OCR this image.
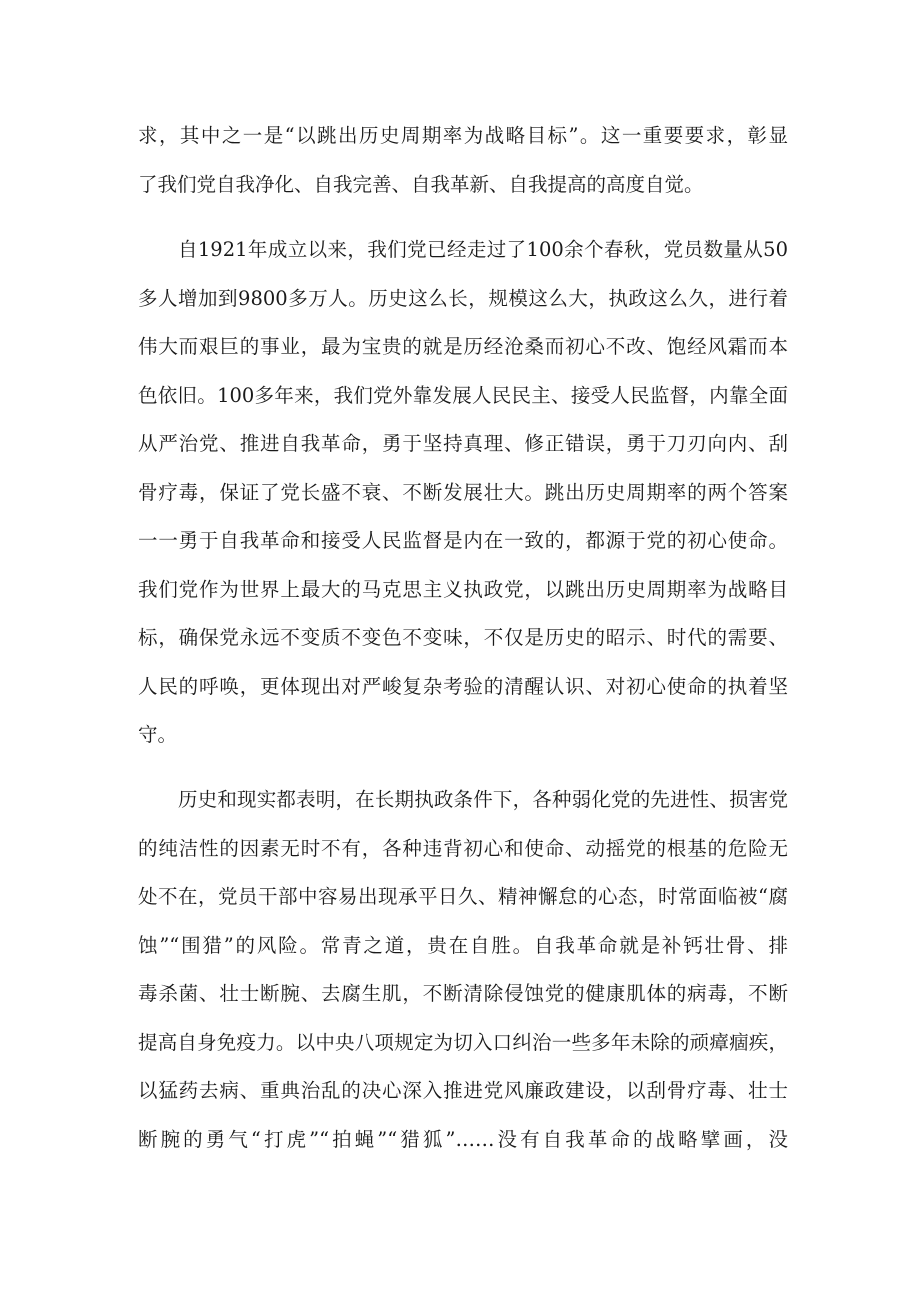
求，其中之一是“以跳出历史周期率为战略目标”。这一重要要求，彰显
了我们党自我净化、自我完善、自我革新、自我提高的高度自觉。
自1921年成立以来，我们党已经走过了100余个春秋，党员数量从50
多人增加到9800多万人。历史这么长，规模这么大，执政这么久，进行着
伟大而艰巨的事业，最为宝贵的就是历经沧桑而初心不改、饱经风霜而本
色依旧。100多年来，我们党外靠发展人民民主、接受人民监督，内靠全面
从严治党、推进自我革命，勇于坚持真理、修正错误，勇于刀刃向内、刮
骨疗毒，保证了党长盛不衰、不断发展壮大。跳出历史周期率的两个答案
一一勇于自我革命和接受人民监督是内在一致的，都源于党的初心使命。
我们党作为世界上最大的马克思主义执政党，以跳出历史周期率为战略目
标，确保党永远不变质不变色不变味，不仅是历史的昭示、时代的需要、
人民的呼唤，更体现出对严峻复杂考验的清醒认识、对初心使命的执着坚
守。
历史和现实都表明，在长期执政条件下，各种弱化党的先进性、损害党
的纯洁性的因素无时不有，各种违背初心和使命、动摇党的根基的危险无
处不在，党员干部中容易出现承平日久、精神懈怠的心态，时常面临被“腐
蚀”“围猎”的风险。常青之道，贵在自胜。自我革命就是补钙壮骨、排
毒杀菌、壮士断腕、去腐生肌，不断清除侵蚀党的健康肌体的病毒，不断
提高自身免疫力。以中央八项规定为切入口纠治一些多年未除的顽瘴痼疾，
以猛药去病、重典治乱的决心深入推进党风廉政建设，以刮骨疗毒、壮士
断腕的勇气“打虎”“拍蝇”“猎狐”……没有自我革命的战略擘画，没
